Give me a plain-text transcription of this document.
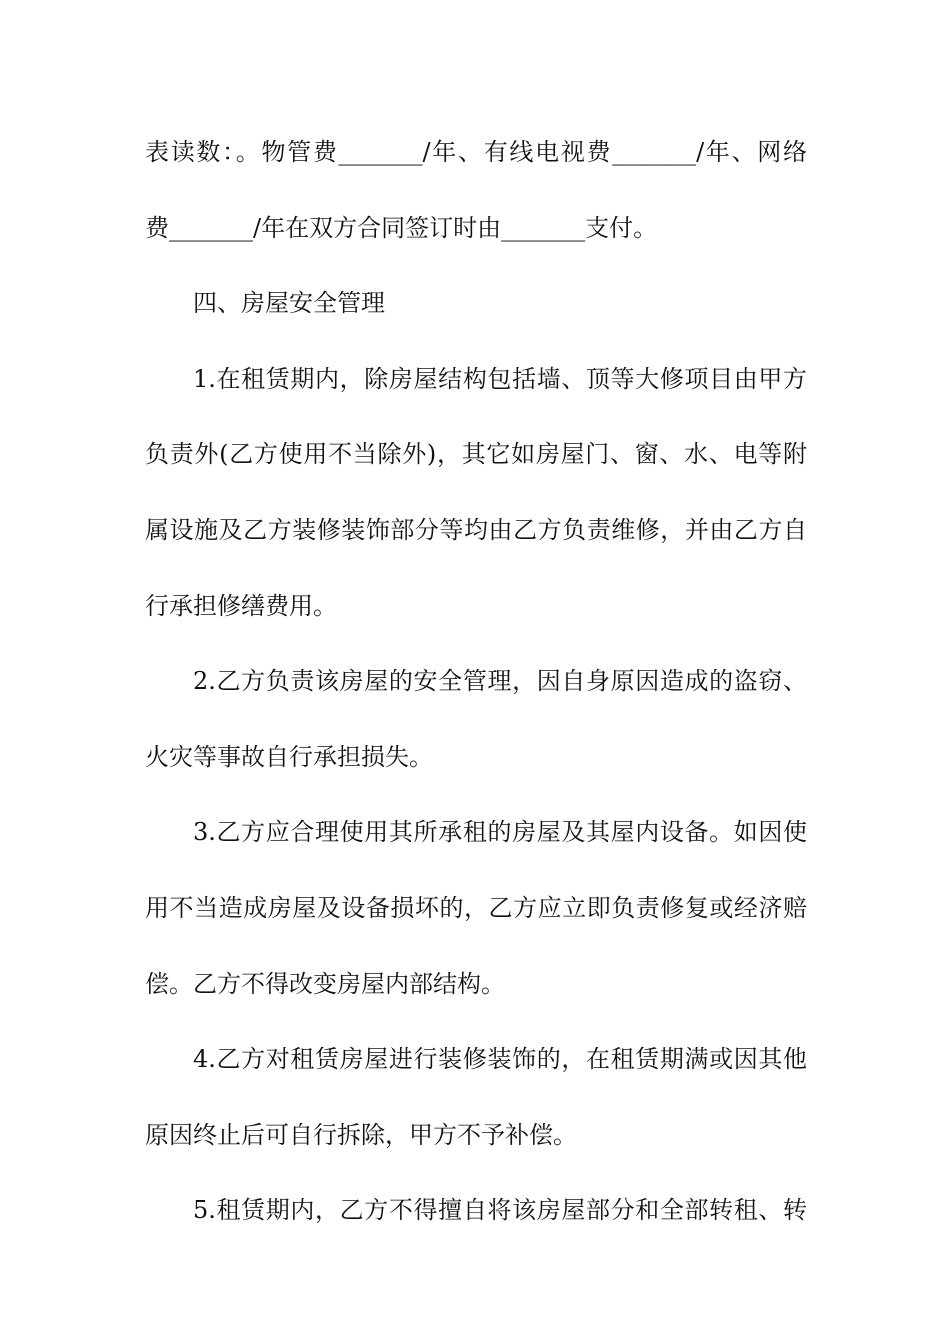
表读数：。物管费_______/年、有线电视费_______/年、网络
费_______/年在双方合同签订时由_______支付。
四、房屋安全管理
1.在租赁期内，除房屋结构包括墙、顶等大修项目由甲方
负责外(乙方使用不当除外)，其它如房屋门、窗、水、电等附
属设施及乙方装修装饰部分等均由乙方负责维修，并由乙方自
行承担修缮费用。
2.乙方负责该房屋的安全管理，因自身原因造成的盗窃、
火灾等事故自行承担损失。
3.乙方应合理使用其所承租的房屋及其屋内设备。如因使
用不当造成房屋及设备损坏的，乙方应立即负责修复或经济赔
偿。乙方不得改变房屋内部结构。
4.乙方对租赁房屋进行装修装饰的，在租赁期满或因其他
原因终止后可自行拆除，甲方不予补偿。
5.租赁期内，乙方不得擅自将该房屋部分和全部转租、转
